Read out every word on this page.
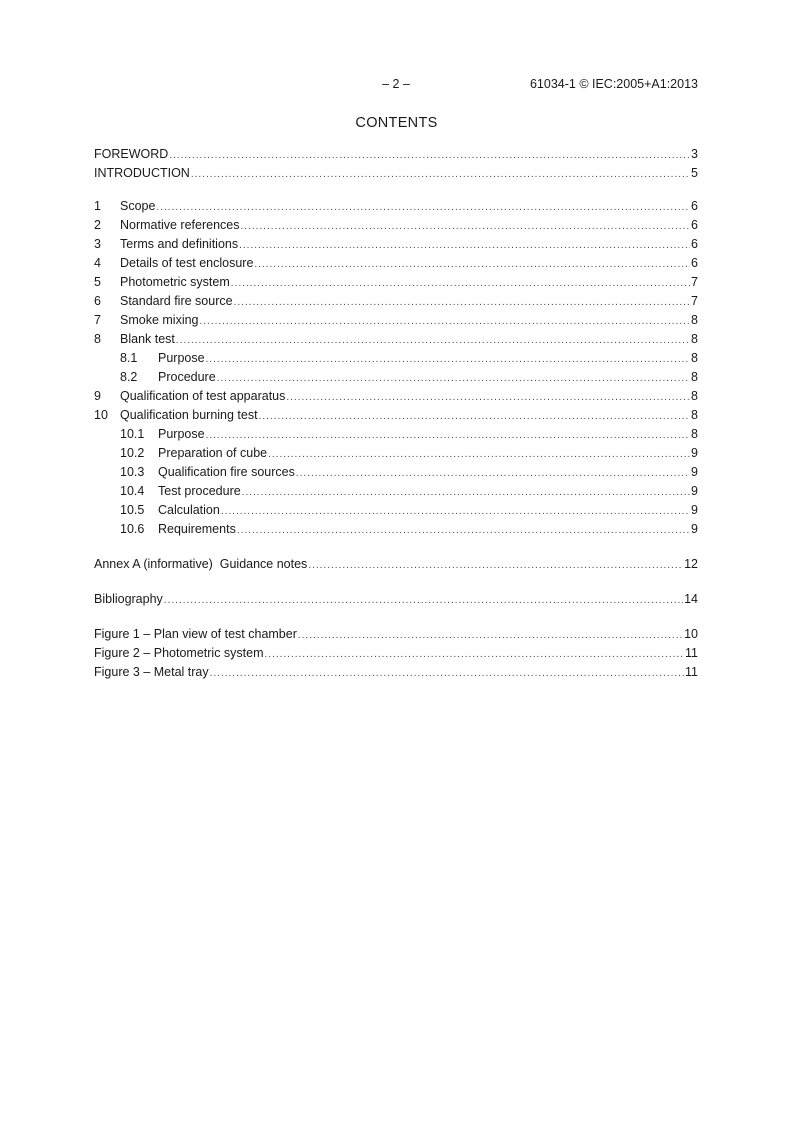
– 2 –	61034-1 © IEC:2005+A1:2013
CONTENTS
FOREWORD .....	3
INTRODUCTION .....	5
1	Scope .....	6
2	Normative references .....	6
3	Terms and definitions .....	6
4	Details of test enclosure .....	6
5	Photometric system .....	7
6	Standard fire source .....	7
7	Smoke mixing .....	8
8	Blank test .....	8
8.1	Purpose .....	8
8.2	Procedure .....	8
9	Qualification of test apparatus .....	8
10 Qualification burning test .....	8
10.1	Purpose .....	8
10.2	Preparation of cube .....	9
10.3	Qualification fire sources .....	9
10.4	Test procedure .....	9
10.5	Calculation .....	9
10.6	Requirements .....	9
Annex A (informative)  Guidance notes .....	12
Bibliography .....	14
Figure 1 – Plan view of test chamber .....	10
Figure 2 – Photometric system .....	11
Figure 3 – Metal tray .....	11
